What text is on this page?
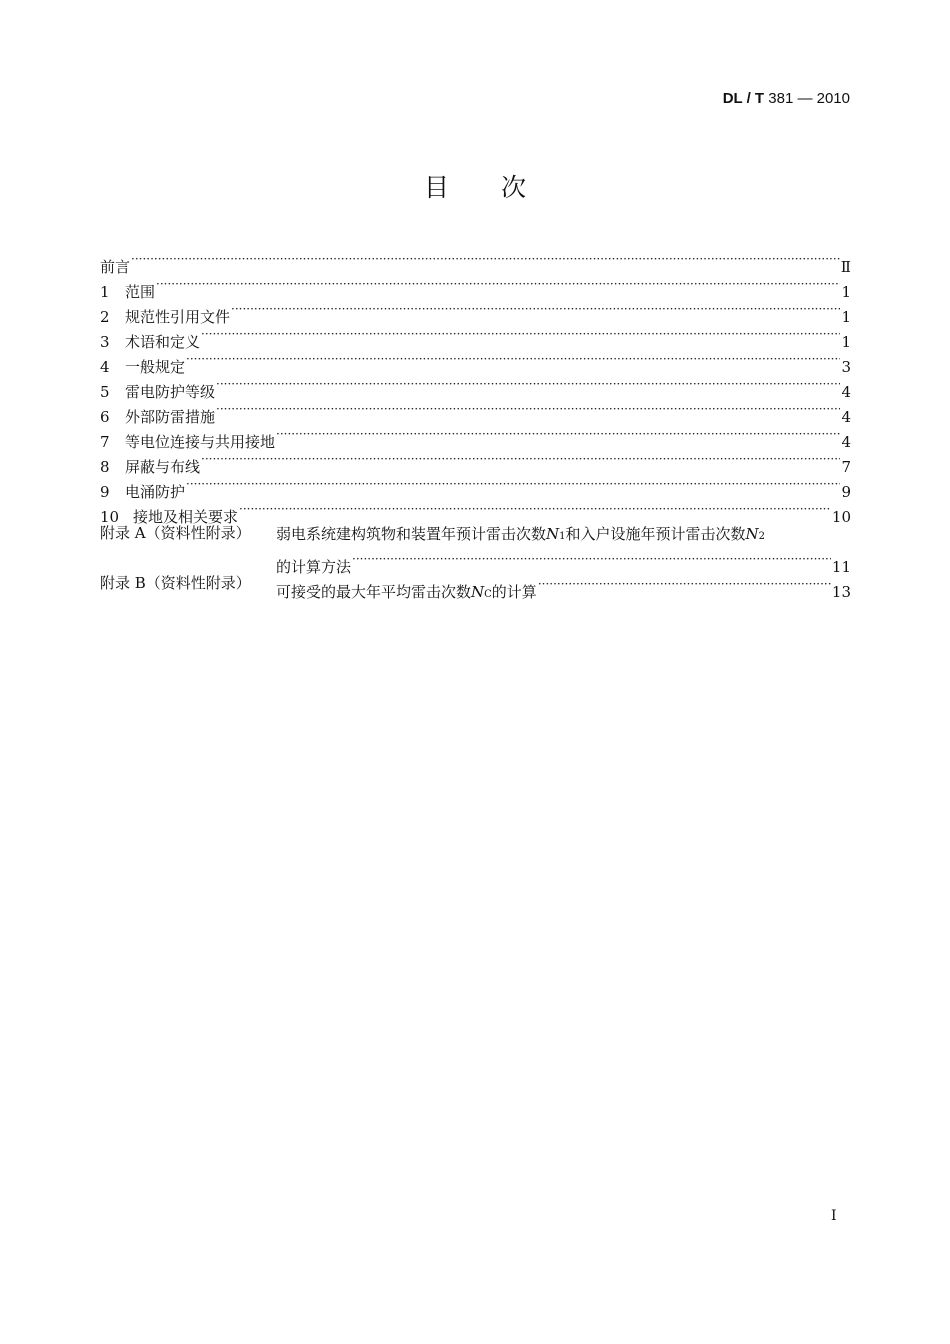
DL / T 381 — 2010
目 次
前言 ·····	Ⅱ
1	范围 ·····	1
2	规范性引用文件 ·····	1
3	术语和定义 ·····	1
4	一般规定 ·····	3
5	雷电防护等级 ·····	4
6	外部防雷措施 ·····	4
7	等电位连接与共用接地 ·····	4
8	屏蔽与布线 ·····	7
9	电涌防护 ·····	9
10 接地及相关要求 ·····	10
附录 A（资料性附录）	弱电系统建构筑物和装置年预计雷击次数 N 1 和入户设施年预计雷击次数 N 2
的计算方法 ·····	11
附录 B（资料性附录）	可接受的最大年平均雷击次数 N C 的计算 ·····	13
I
